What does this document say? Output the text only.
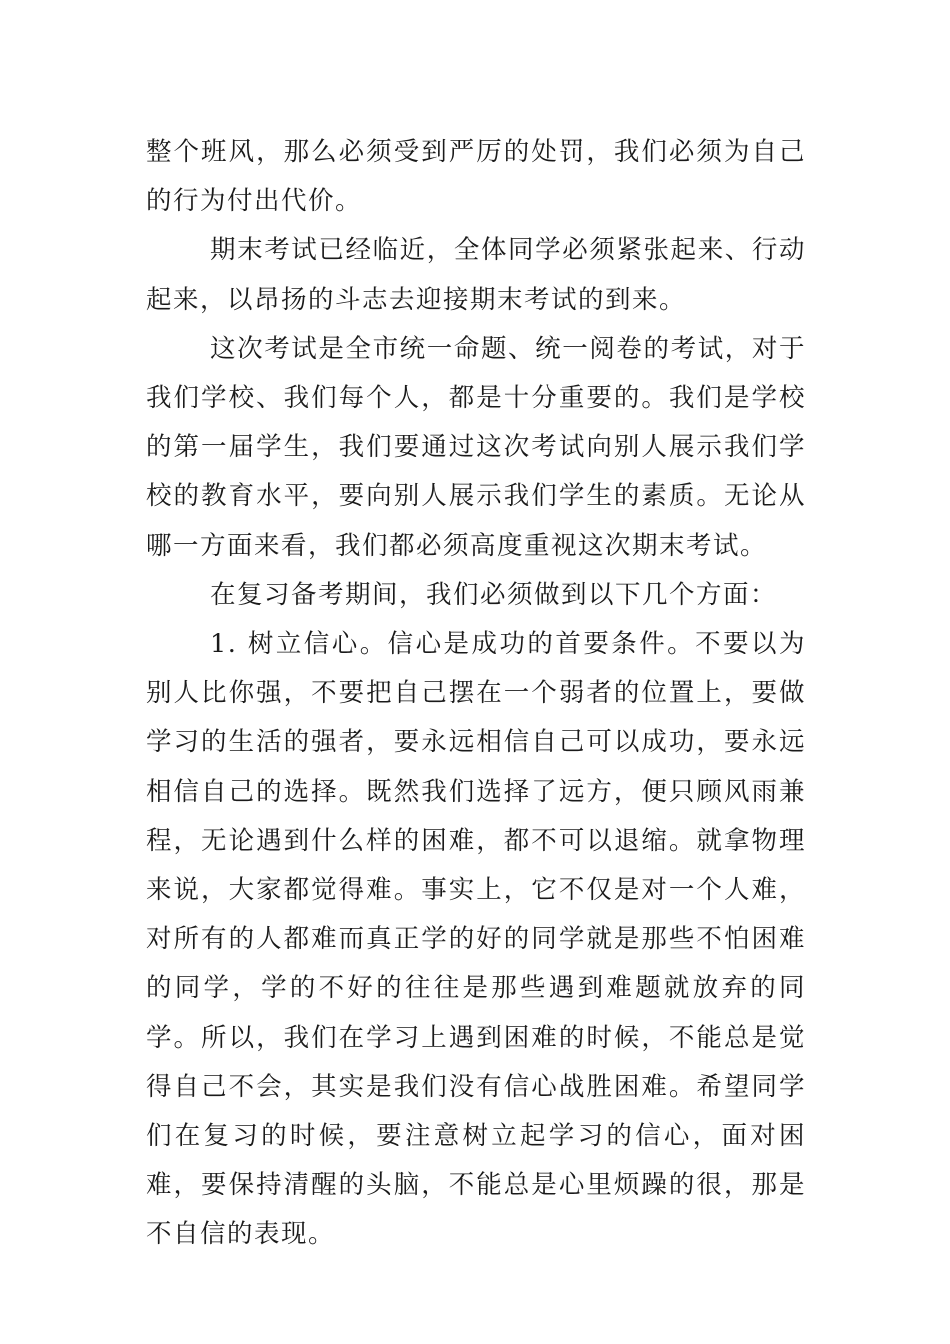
整个班风，那么必须受到严厉的处罚，我们必须为自己的行为付出代价。

期末考试已经临近，全体同学必须紧张起来、行动起来，以昂扬的斗志去迎接期末考试的到来。

这次考试是全市统一命题、统一阅卷的考试，对于我们学校、我们每个人，都是十分重要的。我们是学校的第一届学生，我们要通过这次考试向别人展示我们学校的教育水平，要向别人展示我们学生的素质。无论从哪一方面来看，我们都必须高度重视这次期末考试。

在复习备考期间，我们必须做到以下几个方面：

1. 树立信心。信心是成功的首要条件。不要以为别人比你强，不要把自己摆在一个弱者的位置上，要做学习的生活的强者，要永远相信自己可以成功，要永远相信自己的选择。既然我们选择了远方，便只顾风雨兼程，无论遇到什么样的困难，都不可以退缩。就拿物理来说，大家都觉得难。事实上，它不仅是对一个人难，对所有的人都难而真正学的好的同学就是那些不怕困难的同学，学的不好的往往是那些遇到难题就放弃的同学。所以，我们在学习上遇到困难的时候，不能总是觉得自己不会，其实是我们没有信心战胜困难。希望同学们在复习的时候，要注意树立起学习的信心，面对困难，要保持清醒的头脑，不能总是心里烦躁的很，那是不自信的表现。
